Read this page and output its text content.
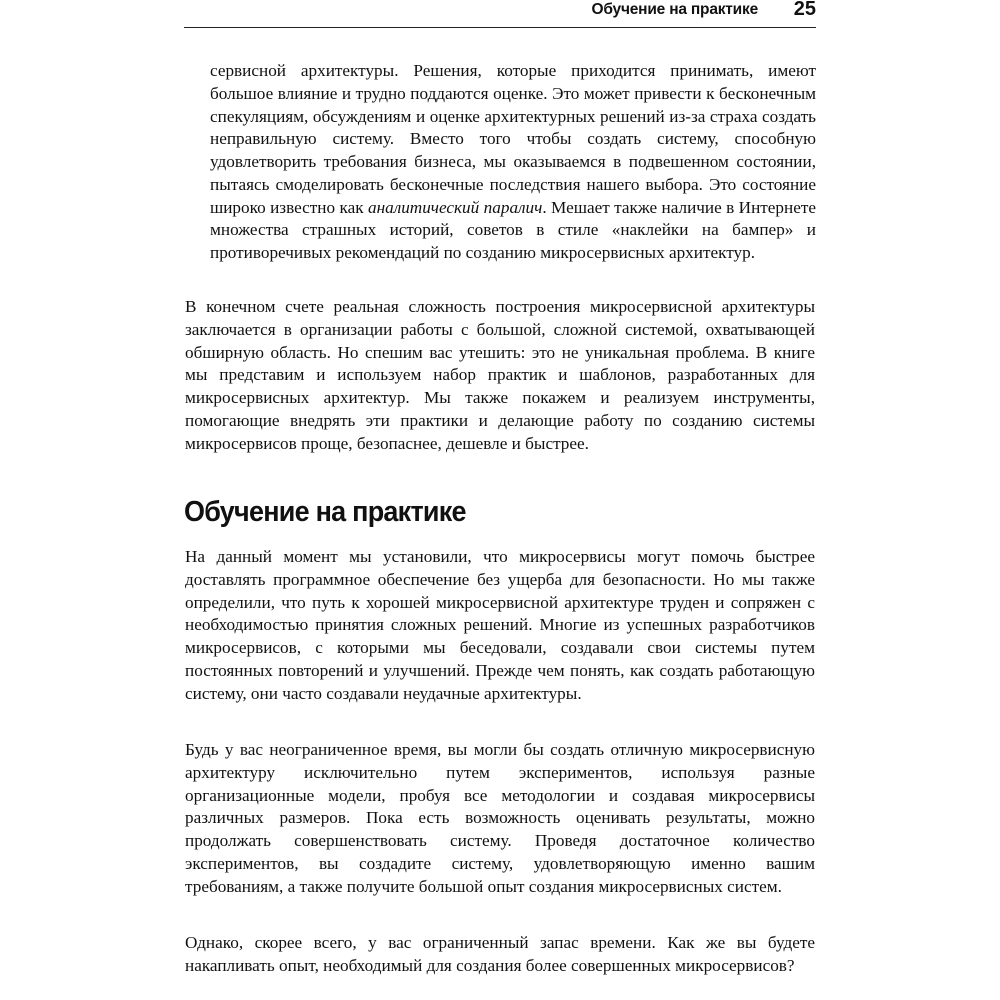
Обучение на практике 25

сервисной архитектуры. Решения, которые приходится принимать, имеют большое влияние и трудно поддаются оценке. Это может привести к бесконечным спекуляциям, обсуждениям и оценке архитектурных решений из-за страха создать неправильную систему. Вместо того чтобы создать систему, способную удовлетворить требования бизнеса, мы оказываемся в подвешенном состоянии, пытаясь смоделировать бесконечные последствия нашего выбора. Это состояние широко известно как аналитический паралич. Мешает также наличие в Интернете множества страшных историй, советов в стиле «наклейки на бампер» и противоречивых рекомендаций по созданию микросервисных архитектур.

В конечном счете реальная сложность построения микросервисной архитектуры заключается в организации работы с большой, сложной системой, охватывающей обширную область. Но спешим вас утешить: это не уникальная проблема. В книге мы представим и используем набор практик и шаблонов, разработанных для микросервисных архитектур. Мы также покажем и реализуем инструменты, помогающие внедрять эти практики и делающие работу по созданию системы микросервисов проще, безопаснее, дешевле и быстрее.

Обучение на практике

На данный момент мы установили, что микросервисы могут помочь быстрее доставлять программное обеспечение без ущерба для безопасности. Но мы также определили, что путь к хорошей микросервисной архитектуре труден и сопряжен с необходимостью принятия сложных решений. Многие из успешных разработчиков микросервисов, с которыми мы беседовали, создавали свои системы путем постоянных повторений и улучшений. Прежде чем понять, как создать работающую систему, они часто создавали неудачные архитектуры.

Будь у вас неограниченное время, вы могли бы создать отличную микросервисную архитектуру исключительно путем экспериментов, используя разные организационные модели, пробуя все методологии и создавая микросервисы различных размеров. Пока есть возможность оценивать результаты, можно продолжать совершенствовать систему. Проведя достаточное количество экспериментов, вы создадите систему, удовлетворяющую именно вашим требованиям, а также получите большой опыт создания микросервисных систем.

Однако, скорее всего, у вас ограниченный запас времени. Как же вы будете накапливать опыт, необходимый для создания более совершенных микросервисов?
